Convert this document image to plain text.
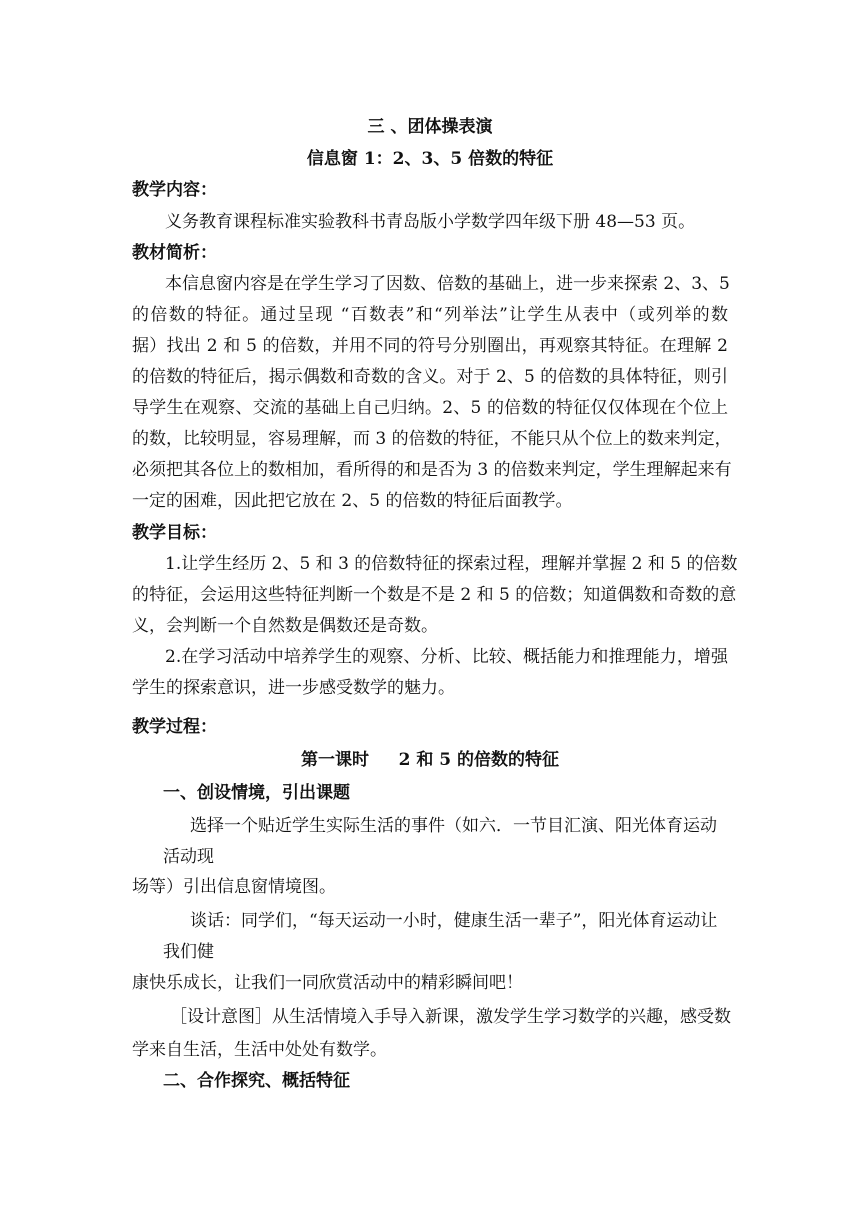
三 、团体操表演
信息窗 1：2、3、5 倍数的特征
教学内容：
义务教育课程标准实验教科书青岛版小学数学四年级下册 48—53 页。
教材简析：
本信息窗内容是在学生学习了因数、倍数的基础上，进一步来探索 2、3、5
的倍数的特征。通过呈现 “百数表”和“列举法”让学生从表中（或列举的数
据）找出 2 和 5 的倍数，并用不同的符号分别圈出，再观察其特征。在理解 2
的倍数的特征后，揭示偶数和奇数的含义。对于 2、5 的倍数的具体特征，则引
导学生在观察、交流的基础上自己归纳。2、5 的倍数的特征仅仅体现在个位上
的数，比较明显，容易理解，而 3 的倍数的特征，不能只从个位上的数来判定，
必须把其各位上的数相加，看所得的和是否为 3 的倍数来判定，学生理解起来有
一定的困难，因此把它放在 2、5 的倍数的特征后面教学。
教学目标：
1.让学生经历 2、5 和 3 的倍数特征的探索过程，理解并掌握 2 和 5 的倍数
的特征，会运用这些特征判断一个数是不是 2 和 5 的倍数；知道偶数和奇数的意
义，会判断一个自然数是偶数还是奇数。
2.在学习活动中培养学生的观察、分析、比较、概括能力和推理能力，增强
学生的探索意识，进一步感受数学的魅力。
教学过程：
第一课时     2 和 5 的倍数的特征
一、创设情境，引出课题
选择一个贴近学生实际生活的事件（如六．一节目汇演、阳光体育运动
活动现
场等）引出信息窗情境图。
谈话：同学们，“每天运动一小时，健康生活一辈子”，阳光体育运动让
我们健
康快乐成长，让我们一同欣赏活动中的精彩瞬间吧！
［设计意图］从生活情境入手导入新课，激发学生学习数学的兴趣，感受数
学来自生活，生活中处处有数学。
二、合作探究、概括特征
